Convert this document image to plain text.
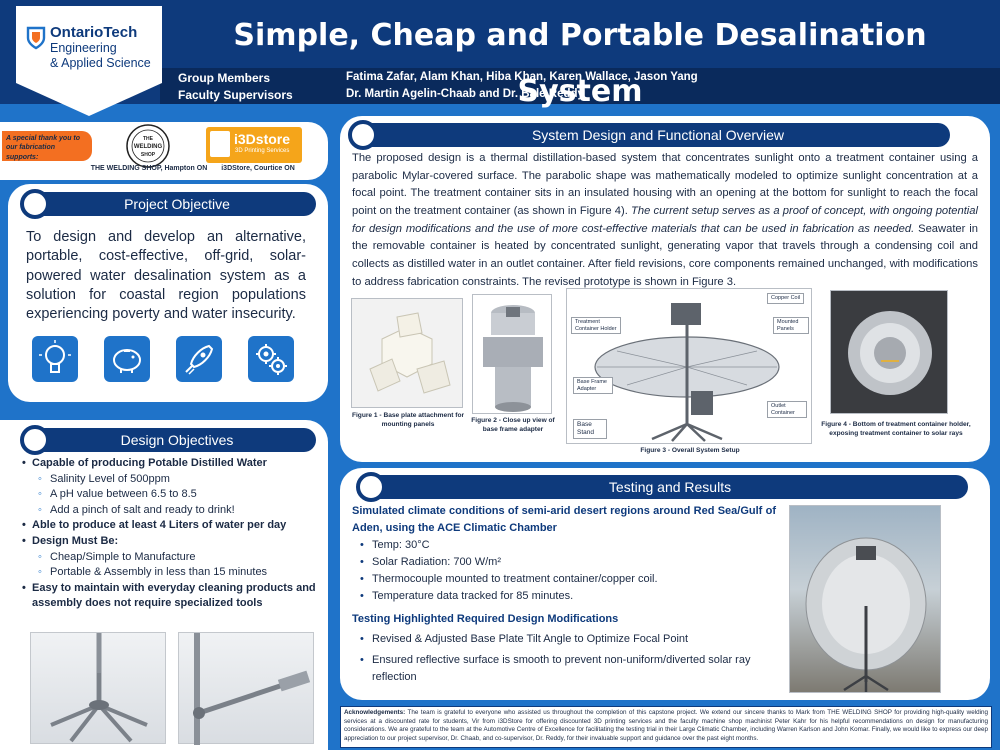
OntarioTech
Engineering
& Applied Science
Simple, Cheap and Portable Desalination System
Group Members	Fatima Zafar, Alam Khan, Hiba Khan, Karen Wallace, Jason Yang
Faculty Supervisors	Dr. Martin Agelin-Chaab and Dr. Bale Reddy
A special thank you to our fabrication supports:
THE
WELDING
SHOP
THE WELDING SHOP, Hampton ON
i3Dstore
3D Printing Services
i3DStore, Courtice ON
Project Objective
To design and develop an alternative, portable, cost-effective, off-grid, solar-powered water desalination system as a solution for coastal region populations experiencing poverty and water insecurity.
Design Objectives
• Capable of producing Potable Distilled Water
◦ Salinity Level of 500ppm
◦ A pH value between 6.5 to 8.5
◦ Add a pinch of salt and ready to drink!
• Able to produce at least 4 Liters of water per day
• Design Must Be:
◦ Cheap/Simple to Manufacture
◦ Portable & Assembly in less than 15 minutes
• Easy to maintain with everyday cleaning products and assembly does not require specialized tools
System Design and Functional Overview
The proposed design is a thermal distillation-based system that concentrates sunlight onto a treatment container using a parabolic Mylar-covered surface. The parabolic shape was mathematically modeled to optimize sunlight concentration at a focal point. The treatment container sits in an insulated housing with an opening at the bottom for sunlight to reach the focal point on the treatment container (as shown in Figure 4). The current setup serves as a proof of concept, with ongoing potential for design modifications and the use of more cost-effective materials that can be used in fabrication as needed. Seawater in the removable container is heated by concentrated sunlight, generating vapor that travels through a condensing coil and collects as distilled water in an outlet container. After field revisions, core components remained unchanged, with modifications to address fabrication constraints. The revised prototype is shown in Figure 3.
Figure 1 - Base plate attachment for mounting panels
Figure 2 - Close up view of base frame adapter
Copper Coil
Treatment Container Holder
Mounted Panels
Base Frame Adapter
Outlet Container
Base Stand
Figure 3 - Overall System Setup
Figure 4 - Bottom of treatment container holder, exposing treatment container to solar rays
Testing and Results
Simulated climate conditions of semi-arid desert regions around Red Sea/Gulf of Aden, using the ACE Climatic Chamber
• Temp: 30°C
• Solar Radiation: 700 W/m²
• Thermocouple mounted to treatment container/copper coil.
• Temperature data tracked for 85 minutes.
Testing Highlighted Required Design Modifications
• Revised & Adjusted Base Plate Tilt Angle to Optimize Focal Point
• Ensured reflective surface is smooth to prevent non-uniform/diverted solar ray reflection
Acknowledgements: The team is grateful to everyone who assisted us throughout the completion of this capstone project. We extend our sincere thanks to Mark from THE WELDING SHOP for providing high-quality welding services at a discounted rate for students, Vir from i3DStore for offering discounted 3D printing services and the faculty machine shop machinist Peter Kahr for his helpful recommendations on design for manufacturing considerations. We are grateful to the team at the Automotive Centre of Excellence for facilitating the testing trial in their Large Climatic Chamber, including Warren Karlson and John Komar. Finally, we would like to express our deep appreciation to our project supervisor, Dr. Chaab, and co-supervisor, Dr. Reddy, for their invaluable support and guidance over the past eight months.
